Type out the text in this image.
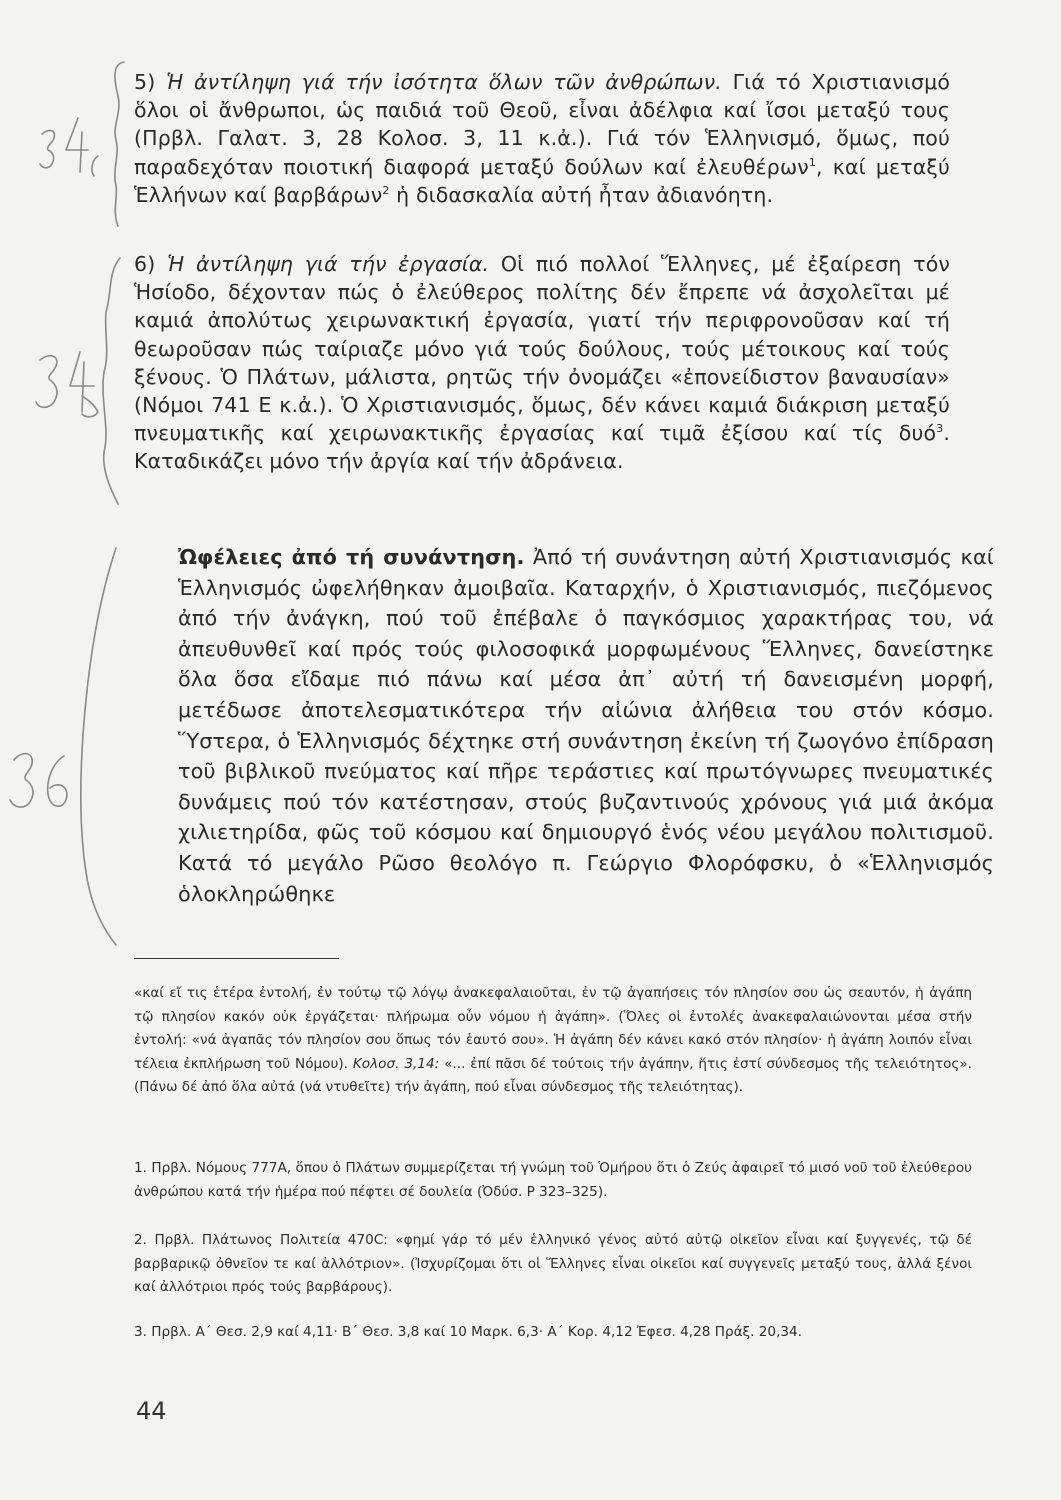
5) Ἡ ἀντίληψη γιά τήν ἰσότητα ὅλων τῶν ἀνθρώπων. Γιά τό Χριστιανισμό ὅλοι οἱ ἄνθρωποι, ὡς παιδιά τοῦ Θεοῦ, εἶναι ἀδέλφια καί ἴσοι μεταξύ τους (Πρβλ. Γαλατ. 3, 28 Κολοσ. 3, 11 κ.ἀ.). Γιά τόν Ἑλληνισμό, ὅμως, πού παραδεχόταν ποιοτική διαφορά μεταξύ δούλων καί ἐλευθέρων$^1$, καί μεταξύ Ἑλλήνων καί βαρβάρων$^2$ ἡ διδασκαλία αὐτή ἦταν ἀδιανόητη.

6) Ἡ ἀντίληψη γιά τήν ἐργασία. Οἱ πιό πολλοί Ἕλληνες, μέ ἐξαίρεση τόν Ἡσίοδο, δέχονταν πώς ὁ ἐλεύθερος πολίτης δέν ἔπρεπε νά ἀσχολεῖται μέ καμιά ἀπολύτως χειρωνακτική ἐργασία, γιατί τήν περιφρονοῦσαν καί τή θεωροῦσαν πώς ταίριαζε μόνο γιά τούς δούλους, τούς μέτοικους καί τούς ξένους. Ὁ Πλάτων, μάλιστα, ρητῶς τήν ὀνομάζει «ἐπονείδιστον βαναυσίαν» (Νόμοι 741 Ε κ.ἀ.). Ὁ Χριστιανισμός, ὅμως, δέν κάνει καμιά διάκριση μεταξύ πνευματικῆς καί χειρωνακτικῆς ἐργασίας καί τιμᾶ ἐξίσου καί τίς δυό$^3$. Καταδικάζει μόνο τήν ἀργία καί τήν ἀδράνεια.

Ὠφέλειες ἀπό τή συνάντηση. Ἀπό τή συνάντηση αὐτή Χριστιανισμός καί Ἑλληνισμός ὠφελήθηκαν ἀμοιβαῖα. Καταρχήν, ὁ Χριστιανισμός, πιεζόμενος ἀπό τήν ἀνάγκη, πού τοῦ ἐπέβαλε ὁ παγκόσμιος χαρακτήρας του, νά ἀπευθυνθεῖ καί πρός τούς φιλοσοφικά μορφωμένους Ἕλληνες, δανείστηκε ὅλα ὅσα εἴδαμε πιό πάνω καί μέσα ἀπ᾽ αὐτή τή δανεισμένη μορφή, μετέδωσε ἀποτελεσματικότερα τήν αἰώνια ἀλήθεια του στόν κόσμο. Ὕστερα, ὁ Ἑλληνισμός δέχτηκε στή συνάντηση ἐκείνη τή ζωογόνο ἐπίδραση τοῦ βιβλικοῦ πνεύματος καί πῆρε τεράστιες καί πρωτόγνωρες πνευματικές δυνάμεις πού τόν κατέστησαν, στούς βυζαντινούς χρόνους γιά μιά ἀκόμα χιλιετηρίδα, φῶς τοῦ κόσμου καί δημιουργό ἑνός νέου μεγάλου πολιτισμοῦ. Κατά τό μεγάλο Ρῶσο θεολόγο π. Γεώργιο Φλορόφσκυ, ὁ «Ἑλληνισμός ὁλοκληρώθηκε

«καί εἴ τις ἑτέρα ἐντολή, ἐν τούτῳ τῷ λόγῳ ἀνακεφαλαιοῦται, ἐν τῷ ἀγαπήσεις τόν πλησίον σου ὡς σεαυτόν, ἡ ἀγάπη τῷ πλησίον κακόν οὐκ ἐργάζεται· πλήρωμα οὖν νόμου ἡ ἀγάπη». (Ὅλες οἱ ἐντολές ἀνακεφαλαιώνονται μέσα στήν ἐντολή: «νά ἀγαπᾶς τόν πλησίον σου ὅπως τόν ἑαυτό σου». Ἡ ἀγάπη δέν κάνει κακό στόν πλησίον· ἡ ἀγάπη λοιπόν εἶναι τέλεια ἐκπλήρωση τοῦ Νόμου). Κολοσ. 3,14: «... ἐπί πᾶσι δέ τούτοις τήν ἀγάπην, ἥτις ἐστί σύνδεσμος τῆς τελειότητος». (Πάνω δέ ἀπό ὅλα αὐτά (νά ντυθεῖτε) τήν ἀγάπη, πού εἶναι σύνδεσμος τῆς τελειότητας).

1. Πρβλ. Νόμους 777Α, ὅπου ὁ Πλάτων συμμερίζεται τή γνώμη τοῦ Ὁμήρου ὅτι ὁ Ζεύς ἀφαιρεῖ τό μισό νοῦ τοῦ ἐλεύθερου ἀνθρώπου κατά τήν ἡμέρα πού πέφτει σέ δουλεία (Ὀδύσ. Ρ 323–325).

2. Πρβλ. Πλάτωνος Πολιτεία 470C: «φημί γάρ τό μέν ἑλληνικό γένος αὐτό αὐτῷ οἰκεῖον εἶναι καί ξυγγενές, τῷ δέ βαρβαρικῷ ὀθνεῖον τε καί ἀλλότριον». (Ἰσχυρίζομαι ὅτι οἱ Ἕλληνες εἶναι οἰκεῖοι καί συγγενεῖς μεταξύ τους, ἀλλά ξένοι καί ἀλλότριοι πρός τούς βαρβάρους).

3. Πρβλ. Α΄ Θεσ. 2,9 καί 4,11· Β΄ Θεσ. 3,8 καί 10 Μαρκ. 6,3· Α΄ Κορ. 4,12 Ἐφεσ. 4,28 Πράξ. 20,34.

44
